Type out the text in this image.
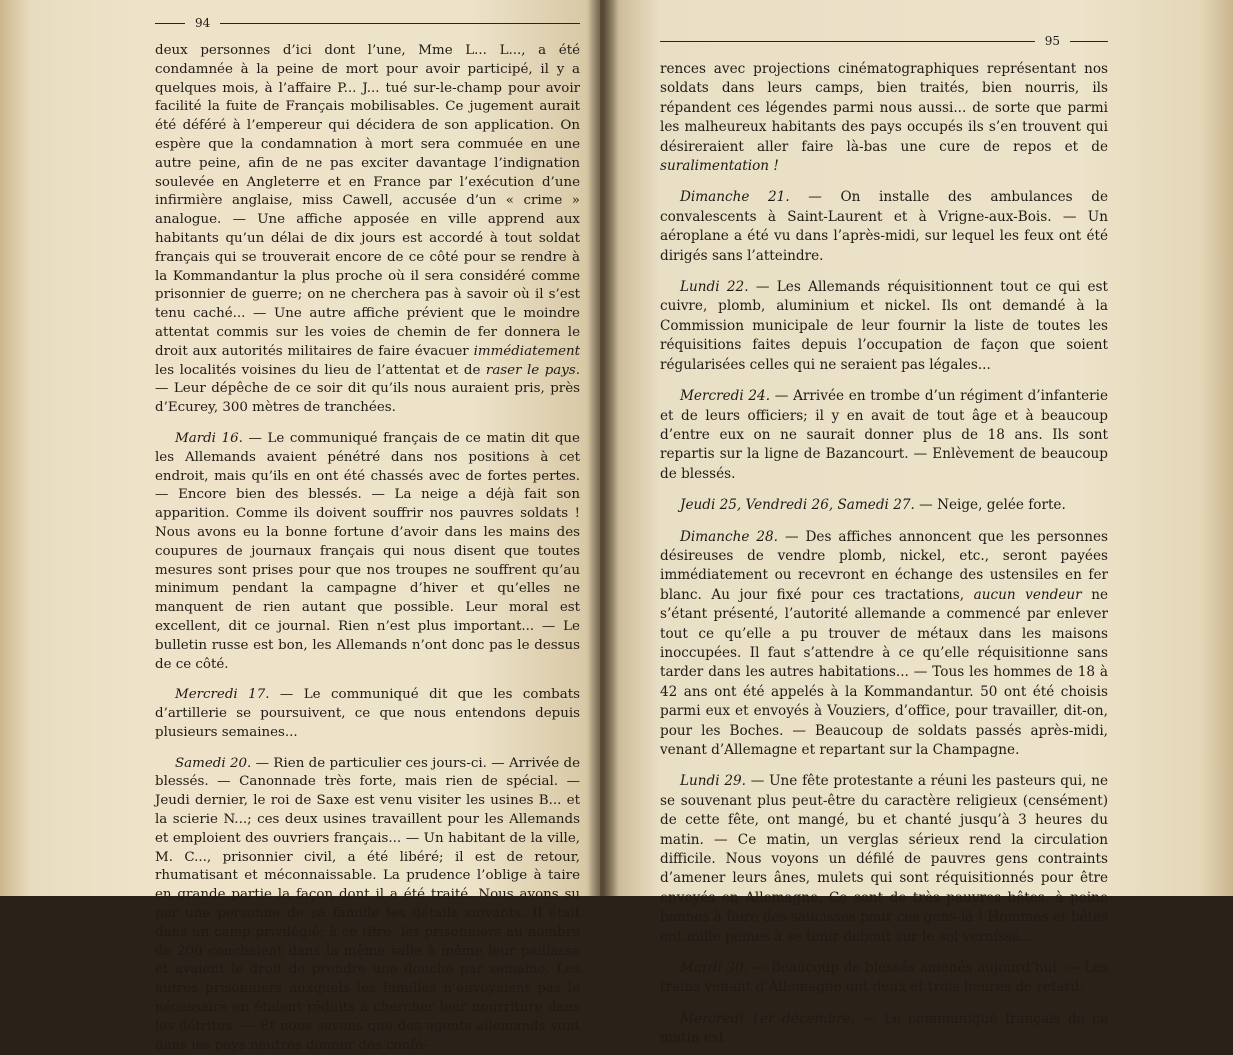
94

deux personnes d’ici dont l’une, Mme L... L..., a été condamnée à la peine de mort pour avoir participé, il y a quelques mois, à l’affaire P... J... tué sur-le-champ pour avoir facilité la fuite de Français mobilisables. Ce jugement aurait été déféré à l’empereur qui décidera de son application. On espère que la condamnation à mort sera commuée en une autre peine, afin de ne pas exciter davantage l’indignation soulevée en Angleterre et en France par l’exécution d’une infirmière anglaise, miss Cawell, accusée d’un « crime » analogue. — Une affiche apposée en ville apprend aux habitants qu’un délai de dix jours est accordé à tout soldat français qui se trouverait encore de ce côté pour se rendre à la Kommandantur la plus proche où il sera considéré comme prisonnier de guerre; on ne cherchera pas à savoir où il s’est tenu caché... — Une autre affiche prévient que le moindre attentat commis sur les voies de chemin de fer donnera le droit aux autorités militaires de faire évacuer immédiatement les localités voisines du lieu de l’attentat et de raser le pays. — Leur dépêche de ce soir dit qu’ils nous auraient pris, près d’Ecurey, 300 mètres de tranchées.

Mardi 16. — Le communiqué français de ce matin dit que les Allemands avaient pénétré dans nos positions à cet endroit, mais qu’ils en ont été chassés avec de fortes pertes. — Encore bien des blessés. — La neige a déjà fait son apparition. Comme ils doivent souffrir nos pauvres soldats ! Nous avons eu la bonne fortune d’avoir dans les mains des coupures de journaux français qui nous disent que toutes mesures sont prises pour que nos troupes ne souffrent qu’au minimum pendant la campagne d’hiver et qu’elles ne manquent de rien autant que possible. Leur moral est excellent, dit ce journal. Rien n’est plus important... — Le bulletin russe est bon, les Allemands n’ont donc pas le dessus de ce côté.

Mercredi 17. — Le communiqué dit que les combats d’artillerie se poursuivent, ce que nous entendons depuis plusieurs semaines...

Samedi 20. — Rien de particulier ces jours-ci. — Arrivée de blessés. — Canonnade très forte, mais rien de spécial. — Jeudi dernier, le roi de Saxe est venu visiter les usines B... et la scierie N...; ces deux usines travaillent pour les Allemands et emploient des ouvriers français... — Un habitant de la ville, M. C..., prisonnier civil, a été libéré; il est de retour, rhumatisant et méconnaissable. La prudence l’oblige à taire en grande partie la façon dont il a été traité. Nous avons su par une personne de sa famille les détails suivants. Il était dans un camp privilégié; à ce titre, les prisonniers au nombre de 200 couchaient dans la même salle à même leur paillasse et avaient le droit de prendre une douche par semaine. Les autres prisonniers auxquels les familles n’envoyaient pas le nécessaire en étaient réduits à chercher leur nourriture dans les détritus. — Et nous savons que des agents allemands vont dans les pays neutres donner des confé-

95

rences avec projections cinématographiques représentant nos soldats dans leurs camps, bien traités, bien nourris, ils répandent ces légendes parmi nous aussi... de sorte que parmi les malheureux habitants des pays occupés ils s’en trouvent qui désireraient aller faire là-bas une cure de repos et de suralimentation !

Dimanche 21. — On installe des ambulances de convalescents à Saint-Laurent et à Vrigne-aux-Bois. — Un aéroplane a été vu dans l’après-midi, sur lequel les feux ont été dirigés sans l’atteindre.

Lundi 22. — Les Allemands réquisitionnent tout ce qui est cuivre, plomb, aluminium et nickel. Ils ont demandé à la Commission municipale de leur fournir la liste de toutes les réquisitions faites depuis l’occupation de façon que soient régularisées celles qui ne seraient pas légales...

Mercredi 24. — Arrivée en trombe d’un régiment d’infanterie et de leurs officiers; il y en avait de tout âge et à beaucoup d’entre eux on ne saurait donner plus de 18 ans. Ils sont repartis sur la ligne de Bazancourt. — Enlèvement de beaucoup de blessés.

Jeudi 25, Vendredi 26, Samedi 27. — Neige, gelée forte.

Dimanche 28. — Des affiches annoncent que les personnes désireuses de vendre plomb, nickel, etc., seront payées immédiatement ou recevront en échange des ustensiles en fer blanc. Au jour fixé pour ces tractations, aucun vendeur ne s’étant présenté, l’autorité allemande a commencé par enlever tout ce qu’elle a pu trouver de métaux dans les maisons inoccupées. Il faut s’attendre à ce qu’elle réquisitionne sans tarder dans les autres habitations... — Tous les hommes de 18 à 42 ans ont été appelés à la Kommandantur. 50 ont été choisis parmi eux et envoyés à Vouziers, d’office, pour travailler, dit-on, pour les Boches. — Beaucoup de soldats passés après-midi, venant d’Allemagne et repartant sur la Champagne.

Lundi 29. — Une fête protestante a réuni les pasteurs qui, ne se souvenant plus peut-être du caractère religieux (censément) de cette fête, ont mangé, bu et chanté jusqu’à 3 heures du matin. — Ce matin, un verglas sérieux rend la circulation difficile. Nous voyons un défilé de pauvres gens contraints d’amener leurs ânes, mulets qui sont réquisitionnés pour être envoyés en Allemagne. Ce sont de très pauvres bêtes, à peine bonnes à faire des saucisses pour ces gens-là ! Hommes et bêtes ont mille peines à se tenir debout sur le sol verníssé...

Mardi 30. — Beaucoup de blessés amenés aujourd’hui. — Les trains venant d’Allemagne ont deux et trois heures de retard.

Mercredi 1er décembre. — Le communiqué français de ce matin est
